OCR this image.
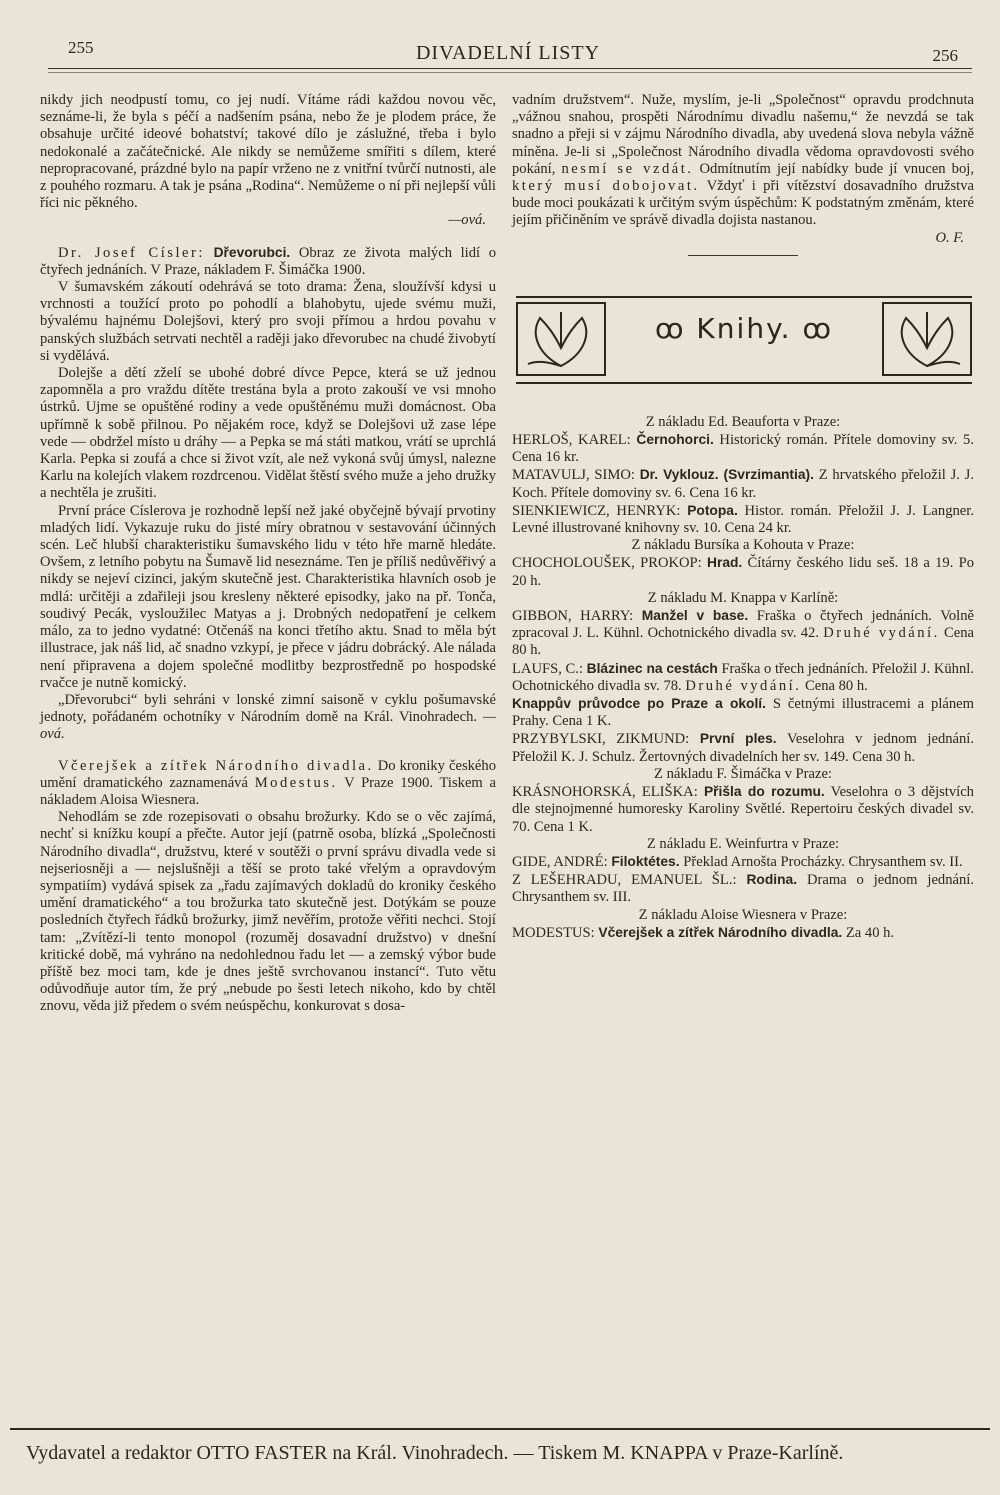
255	DIVADELNÍ LISTY	256

nikdy jich neodpustí tomu, co jej nudí. Vítáme rádi každou novou věc, seznáme-li, že byla s péčí a nadšením psána, nebo že je plodem práce, že obsahuje určité ideové bohatství; takové dílo je záslužné, třeba i bylo nedokonalé a začátečnické. Ale nikdy se nemůžeme smířiti s dílem, které nepropracované, prázdné bylo na papír vrženo ne z vnitřní tvůrčí nutnosti, ale z pouhého rozmaru. A tak je psána „Rodina“. Nemůžeme o ní při nejlepší vůli říci nic pěkného.

—ová.

Dr. Josef Císler: Dřevorubci. Obraz ze života malých lidí o čtyřech jednáních. V Praze, nákladem F. Šimáčka 1900.

V šumavském zákoutí odehrává se toto drama: Žena, sloužívší kdysi u vrchnosti a toužící proto po pohodlí a blahobytu, ujede svému muži, bývalému hajnému Dolejšovi, který pro svoji přímou a hrdou povahu v panských službách setrvati nechtěl a raději jako dřevorubec na chudé živobytí si vydělává.

Dolejše a dětí zželí se ubohé dobré dívce Pepce, která se už jednou zapomněla a pro vraždu dítěte trestána byla a proto zakouší ve vsi mnoho ústrků. Ujme se opuštěné rodiny a vede opuštěnému muži domácnost. Oba upřímně k sobě přilnou. Po nějakém roce, když se Dolejšovi už zase lépe vede — obdržel místo u dráhy — a Pepka se má státi matkou, vrátí se uprchlá Karla. Pepka si zoufá a chce si život vzít, ale než vykoná svůj úmysl, nalezne Karlu na kolejích vlakem rozdrcenou. Vidělat štěstí svého muže a jeho družky a nechtěla je zrušiti.

První práce Císlerova je rozhodně lepší než jaké obyčejně bývají prvotiny mladých lidí. Vykazuje ruku do jisté míry obratnou v sestavování účinných scén. Leč hlubší charakteristiku šumavského lidu v této hře marně hledáte. Ovšem, z letního pobytu na Šumavě lid neseznáme. Ten je příliš nedůvěřivý a nikdy se nejeví cizinci, jakým skutečně jest. Charakteristika hlavních osob je mdlá: určitěji a zdařileji jsou kresleny některé episodky, jako na př. Tonča, soudivý Pecák, vysloužilec Matyas a j. Drobných nedopatření je celkem málo, za to jedno vydatné: Otčenáš na konci třetího aktu. Snad to měla být illustrace, jak náš lid, ač snadno vzkypí, je přece v jádru dobrácký. Ale nálada není připravena a dojem společné modlitby bezprostředně po hospodské rvačce je nutně komický.

„Dřevorubci“ byli sehráni v lonské zimní saisoně v cyklu pošumavské jednoty, pořádaném ochotníky v Národním domě na Král. Vinohradech. —ová.

Včerejšek a zítřek Národního divadla. Do kroniky českého umění dramatického zaznamenává Modestus. V Praze 1900. Tiskem a nákladem Aloisa Wiesnera.

Nehodlám se zde rozepisovati o obsahu brožurky. Kdo se o věc zajímá, nechť si knížku koupí a přečte. Autor její (patrně osoba, blízká „Společnosti Národního divadla“, družstvu, které v soutěži o první správu divadla vede si nejseriosněji a — nejslušněji a těší se proto také vřelým a opravdovým sympatiím) vydává spisek za „řadu zajímavých dokladů do kroniky českého umění dramatického“ a tou brožurka tato skutečně jest. Dotýkám se pouze posledních čtyřech řádků brožurky, jimž nevěřím, protože věřiti nechci. Stojí tam: „Zvítězí-li tento monopol (rozuměj dosavadní družstvo) v dnešní kritické době, má vyhráno na nedohlednou řadu let — a zemský výbor bude příště bez moci tam, kde je dnes ještě svrchovanou instancí“. Tuto větu odůvodňuje autor tím, že prý „nebude po šesti letech nikoho, kdo by chtěl znovu, věda již předem o svém neúspěchu, konkurovat s dosa-

vadním družstvem“. Nuže, myslím, je-li „Společnost“ opravdu prodchnuta „vážnou snahou, prospěti Národnímu divadlu našemu,“ že nevzdá se tak snadno a přeji si v zájmu Národního divadla, aby uvedená slova nebyla vážně míněna. Je-li si „Společnost Národního divadla vědoma opravdovosti svého pokání, nesmí se vzdát. Odmítnutím její nabídky bude jí vnucen boj, který musí dobojovat. Vždyť i při vítězství dosavadního družstva bude moci poukázati k určitým svým úspěchům: K podstatným změnám, které jejím přičiněním ve správě divadla dojista nastanou.

O. F.

ꝏ Knihy. ꝏ

Z nákladu Ed. Beauforta v Praze:

HERLOŠ, KAREL: Černohorci. Historický román. Přítele domoviny sv. 5. Cena 16 kr.

MATAVULJ, SIMO: Dr. Vyklouz. (Svrzimantia). Z hrvatského přeložil J. J. Koch. Přítele domoviny sv. 6. Cena 16 kr.

SIENKIEWICZ, HENRYK: Potopa. Histor. román. Přeložil J. J. Langner. Levné illustrované knihovny sv. 10. Cena 24 kr.

Z nákladu Bursíka a Kohouta v Praze:

CHOCHOLOUŠEK, PROKOP: Hrad. Čítárny českého lidu seš. 18 a 19. Po 20 h.

Z nákladu M. Knappa v Karlíně:

GIBBON, HARRY: Manžel v base. Fraška o čtyřech jednáních. Volně zpracoval J. L. Kühnl. Ochotnického divadla sv. 42. Druhé vydání. Cena 80 h.

LAUFS, C.: Blázinec na cestách Fraška o třech jednáních. Přeložil J. Kühnl. Ochotnického divadla sv. 78. Druhé vydání. Cena 80 h.

Knappův průvodce po Praze a okolí. S četnými illustracemi a plánem Prahy. Cena 1 K.

PRZYBYLSKI, ZIKMUND: První ples. Veselohra v jednom jednání. Přeložil K. J. Schulz. Žertovných divadelních her sv. 149. Cena 30 h.

Z nákladu F. Šimáčka v Praze:

KRÁSNOHORSKÁ, ELIŠKA: Přišla do rozumu. Veselohra o 3 dějstvích dle stejnojmenné humoresky Karoliny Světlé. Repertoiru českých divadel sv. 70. Cena 1 K.

Z nákladu E. Weinfurtra v Praze:

GIDE, ANDRÉ: Filoktétes. Překlad Arnošta Procházky. Chrysanthem sv. II.

Z LEŠEHRADU, EMANUEL ŠL.: Rodina. Drama o jednom jednání. Chrysanthem sv. III.

Z nákladu Aloise Wiesnera v Praze:

MODESTUS: Včerejšek a zítřek Národního divadla. Za 40 h.

Vydavatel a redaktor OTTO FASTER na Král. Vinohradech. — Tiskem M. KNAPPA v Praze-Karlíně.
